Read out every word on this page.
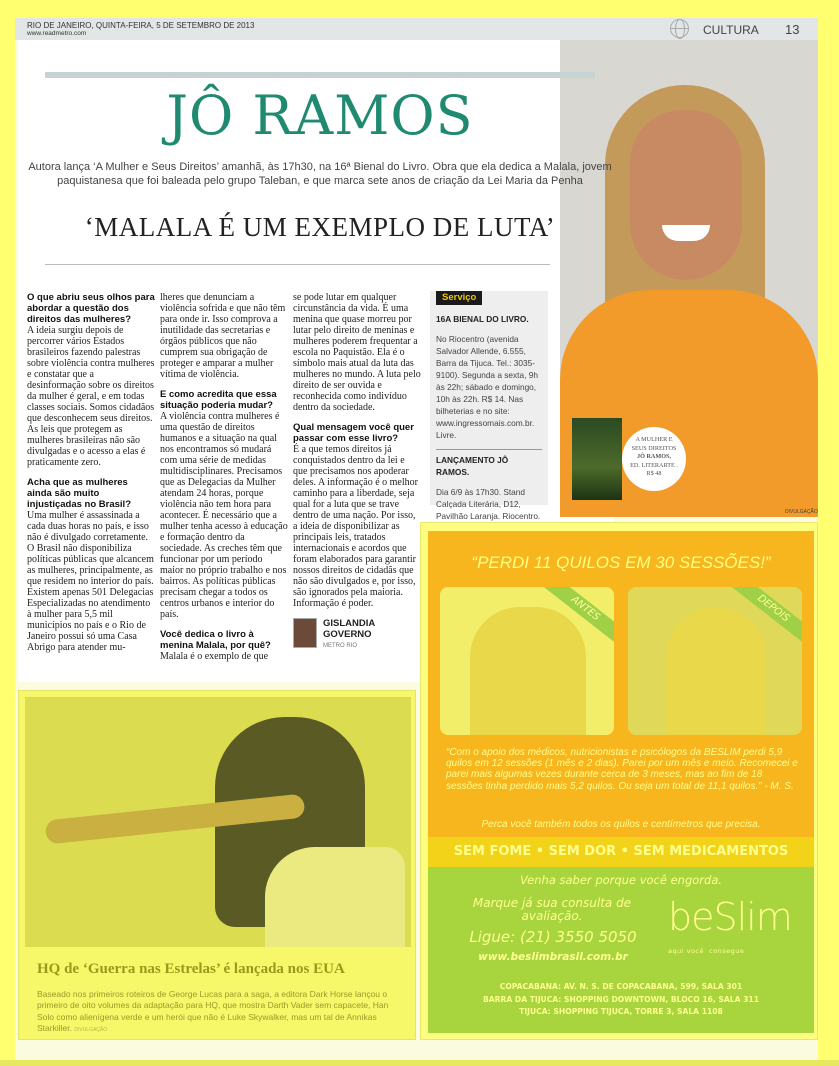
RIO DE JANEIRO, QUINTA-FEIRA, 5 DE SETEMBRO DE 2013
www.readmetro.com	CULTURA 13
JÔ RAMOS
Autora lança ‘A Mulher e Seus Direitos’ amanhã, às 17h30, na 16ª Bienal do Livro. Obra que ela dedica a Malala, jovem paquistanesa que foi baleada pelo grupo Taleban, e que marca sete anos de criação da Lei Maria da Penha
‘MALALA É UM EXEMPLO DE LUTA’
O que abriu seus olhos para abordar a questão dos direitos das mulheres?

A ideia surgiu depois de percorrer vários Estados brasileiros fazendo palestras sobre violência contra mulheres e constatar que a desinformação sobre os direitos da mulher é geral, e em todas classes sociais. Somos cidadãos que desconhecem seus direitos. As leis que protegem as mulheres brasileiras não são divulgadas e o acesso a elas é praticamente zero.

Acha que as mulheres ainda são muito injustiçadas no Brasil?

Uma mulher é assassinada a cada duas horas no país, e isso não é divulgado corretamente. O Brasil não disponibiliza políticas públicas que alcancem as mulheres, principalmente, as que residem no interior do país. Existem apenas 501 Delegacias Especializadas no atendimento à mulher para 5,5 mil municípios no país e o Rio de Janeiro possui só uma Casa Abrigo para atender mu-

lheres que denunciam a violência sofrida e que não têm para onde ir. Isso comprova a inutilidade das secretarias e órgãos públicos que não cumprem sua obrigação de proteger e amparar a mulher vítima de violência.

E como acredita que essa situação poderia mudar?

A violência contra mulheres é uma questão de direitos humanos e a situação na qual nos encontramos só mudará com uma série de medidas multidisciplinares. Precisamos que as Delegacias da Mulher atendam 24 horas, porque violência não tem hora para acontecer. É necessário que a mulher tenha acesso à educação e formação dentro da sociedade. As creches têm que funcionar por um período maior no próprio trabalho e nos bairros. As políticas públicas precisam chegar a todos os centros urbanos e interior do país.

Você dedica o livro à menina Malala, por quê?

Malala é o exemplo de que

se pode lutar em qualquer circunstância da vida. É uma menina que quase morreu por lutar pelo direito de meninas e mulheres poderem frequentar a escola no Paquistão. Ela é o símbolo mais atual da luta das mulheres no mundo. A luta pelo direito de ser ouvida e reconhecida como indivíduo dentro da sociedade.

Qual mensagem você quer passar com esse livro?

É a que temos direitos já conquistados dentro da lei e que precisamos nos apoderar deles. A informação é o melhor caminho para a liberdade, seja qual for a luta que se trave dentro de uma nação. Por isso, a ideia de disponibilizar as principais leis, tratados internacionais e acordos que foram elaborados para garantir nossos direitos de cidadãs que não são divulgados e, por isso, são ignorados pela maioria. Informação é poder.

GISLANDIA
GOVERNO
METRO RIO
Serviço
16A BIENAL DO LIVRO.
No Riocentro (avenida Salvador Allende, 6.555, Barra da Tijuca. Tel.: 3035-9100). Segunda a sexta, 9h às 22h; sábado e domingo, 10h às 22h. R$ 14. Nas bilheterias e no site: www.ingressomais.com.br. Livre.
LANÇAMENTO JÔ RAMOS.
Dia 6/9 às 17h30. Stand Calçada Literária, D12, Pavilhão Laranja. Riocentro.
A MULHER E
SEUS DIREITOS
JÔ RAMOS,
ED. LITERARTE .
R$ 48
DIVULGAÇÃO
“PERDI 11 QUILOS EM 30 SESSÕES!”
ANTES	DEPOIS
“Com o apoio dos médicos, nutricionistas e psicólogos da BESLIM perdi 5,9 quilos em 12 sessões (1 mês e 2 dias). Parei por um mês e meio. Recomecei e parei mais algumas vezes durante cerca de 3 meses, mas ao fim de 18 sessões tinha perdido mais 5,2 quilos. Ou seja um total de 11,1 quilos.” - M. S.
Perca você também todos os quilos e centímetros que precisa.
SEM FOME • SEM DOR • SEM MEDICAMENTOS
Venha saber porque você engorda.
Marque já sua consulta de avaliação.
Ligue: (21) 3550 5050
www.beslimbrasil.com.br
beSlim
aqui você  consegue
COPACABANA: AV. N. S. DE COPACABANA, 599, SALA 301
BARRA DA TIJUCA: SHOPPING DOWNTOWN, BLOCO 16, SALA 311
TIJUCA: SHOPPING TIJUCA, TORRE 3, SALA 1108
HQ de ‘Guerra nas Estrelas’ é lançada nos EUA
Baseado nos primeiros roteiros de George Lucas para a saga, a editora Dark Horse lançou o primeiro de oito volumes da adaptação para HQ, que mostra Darth Vader sem capacete, Han Solo como alienígena verde e um herói que não é Luke Skywalker, mas um tal de Annikas Starkiller. DIVULGAÇÃO
